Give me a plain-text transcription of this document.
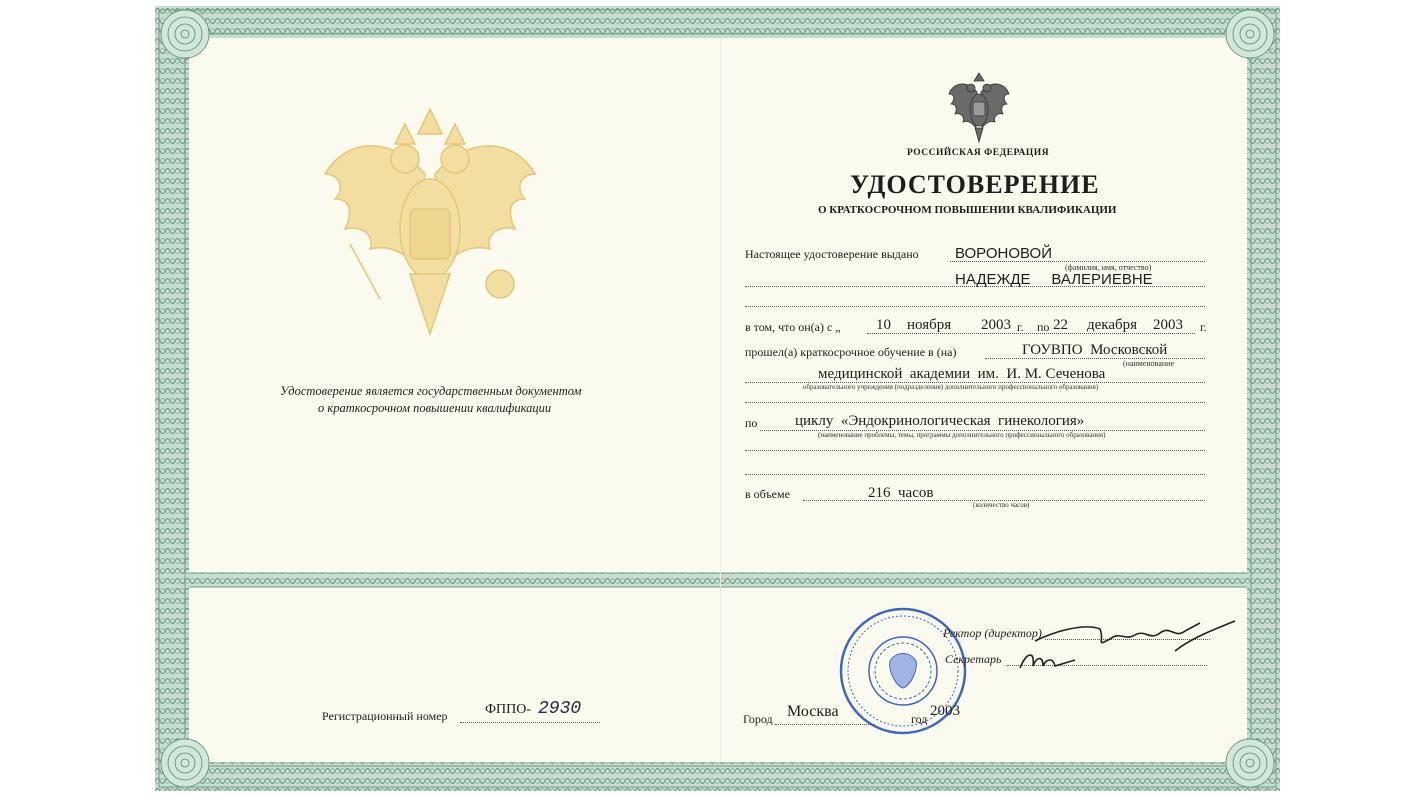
Удостоверение является государственным документом
о краткосрочном повышении квалификации
Регистрационный номер	ФППО- 2930
РОССИЙСКАЯ ФЕДЕРАЦИЯ
УДОСТОВЕРЕНИЕ
О КРАТКОСРОЧНОМ ПОВЫШЕНИИ КВАЛИФИКАЦИИ
Настоящее удостоверение выдано ВОРОНОВОЙ
(фамилия, имя, отчество)
НАДЕЖДЕ     ВАЛЕРИЕВНЕ
в том, что он(а) с „ 10 ноября 2003 г. по 22 декабря 2003 г.
прошел(а) краткосрочное обучение в (на)	ГОУВПО  Московской
(наименование
медицинской  академии  им.  И. М. Сеченова
образовательного учреждения (подразделения) дополнительного профессионального образования)
по	циклу  «Эндокринологическая  гинекология»
(наименование проблемы, темы, программы дополнительного профессионального образования)
в объеме	216  часов
(количество часов)
Ректор (директор)
Секретарь
Город Москва	год 2003
